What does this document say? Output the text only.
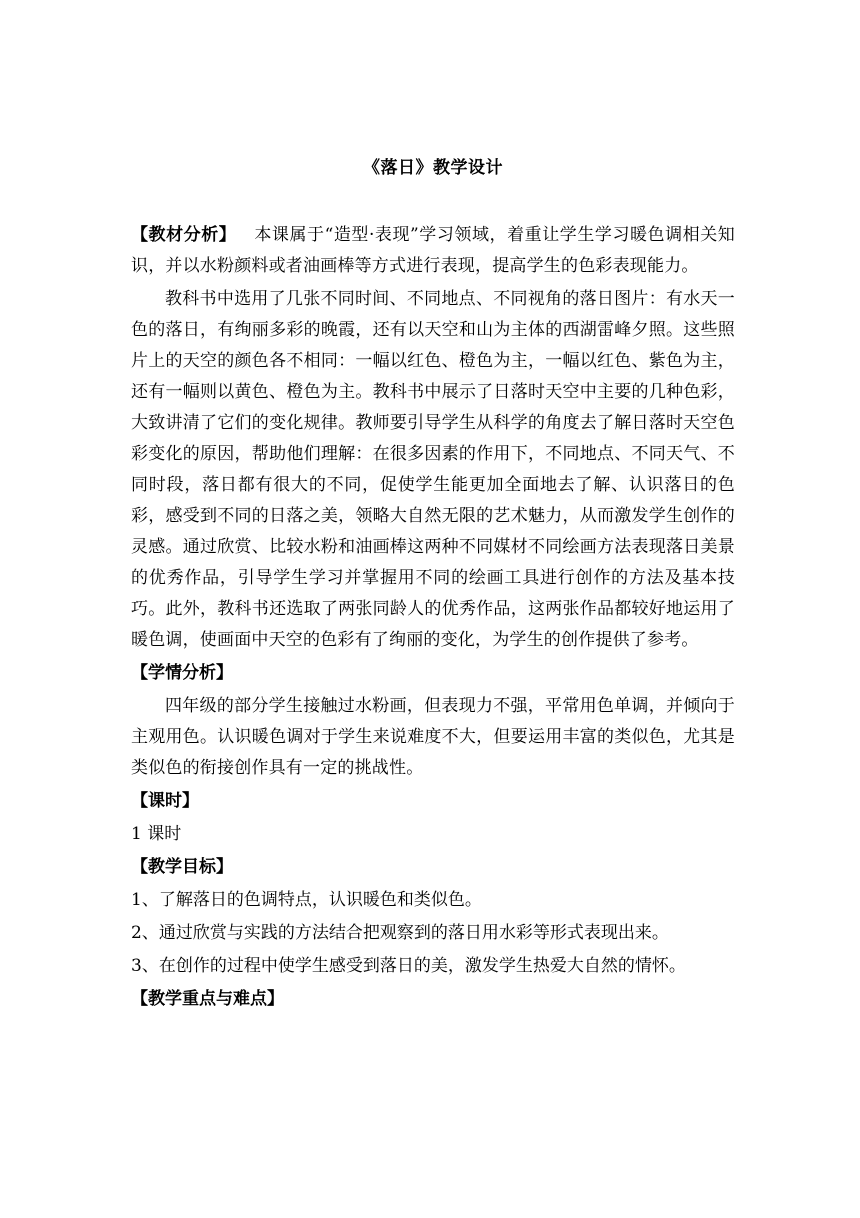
《落日》教学设计

【教材分析】 本课属于“造型·表现”学习领域，着重让学生学习暖色调相关知识，并以水粉颜料或者油画棒等方式进行表现，提高学生的色彩表现能力。

教科书中选用了几张不同时间、不同地点、不同视角的落日图片：有水天一色的落日，有绚丽多彩的晚霞，还有以天空和山为主体的西湖雷峰夕照。这些照片上的天空的颜色各不相同：一幅以红色、橙色为主，一幅以红色、紫色为主，还有一幅则以黄色、橙色为主。教科书中展示了日落时天空中主要的几种色彩，大致讲清了它们的变化规律。教师要引导学生从科学的角度去了解日落时天空色彩变化的原因，帮助他们理解：在很多因素的作用下，不同地点、不同天气、不同时段，落日都有很大的不同，促使学生能更加全面地去了解、认识落日的色彩，感受到不同的日落之美，领略大自然无限的艺术魅力，从而激发学生创作的灵感。通过欣赏、比较水粉和油画棒这两种不同媒材不同绘画方法表现落日美景的优秀作品，引导学生学习并掌握用不同的绘画工具进行创作的方法及基本技巧。此外，教科书还选取了两张同龄人的优秀作品，这两张作品都较好地运用了暖色调，使画面中天空的色彩有了绚丽的变化，为学生的创作提供了参考。

【学情分析】

四年级的部分学生接触过水粉画，但表现力不强，平常用色单调，并倾向于主观用色。认识暖色调对于学生来说难度不大，但要运用丰富的类似色，尤其是类似色的衔接创作具有一定的挑战性。

【课时】
1 课时
【教学目标】
1、了解落日的色调特点，认识暖色和类似色。
2、通过欣赏与实践的方法结合把观察到的落日用水彩等形式表现出来。
3、在创作的过程中使学生感受到落日的美，激发学生热爱大自然的情怀。
【教学重点与难点】
